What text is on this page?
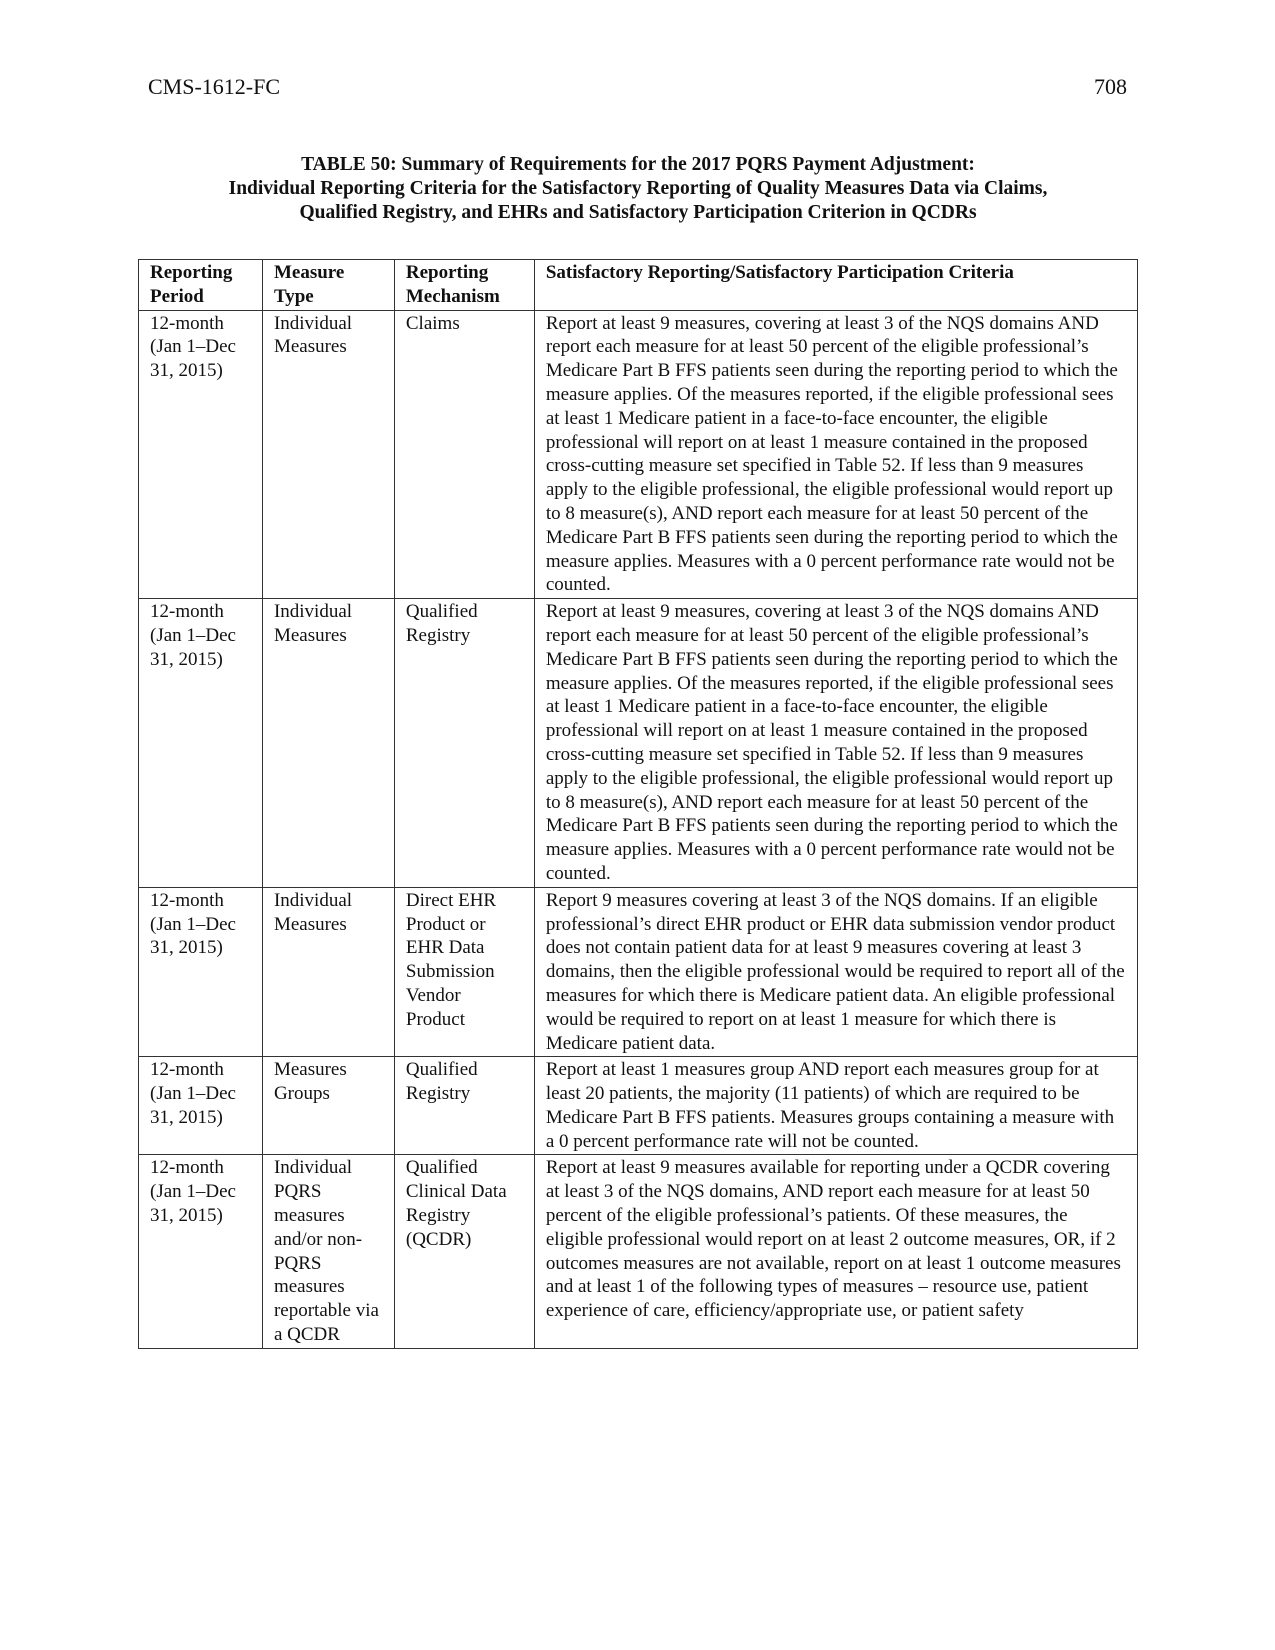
CMS-1612-FC	708
TABLE 50: Summary of Requirements for the 2017 PQRS Payment Adjustment:
Individual Reporting Criteria for the Satisfactory Reporting of Quality Measures Data via Claims,
Qualified Registry, and EHRs and Satisfactory Participation Criterion in QCDRs
Reporting Period	Measure Type	Reporting Mechanism	Satisfactory Reporting/Satisfactory Participation Criteria
12-month (Jan 1–Dec 31, 2015)	Individual Measures	Claims	Report at least 9 measures, covering at least 3 of the NQS domains AND report each measure for at least 50 percent of the eligible professional’s Medicare Part B FFS patients seen during the reporting period to which the measure applies. Of the measures reported, if the eligible professional sees at least 1 Medicare patient in a face-to-face encounter, the eligible professional will report on at least 1 measure contained in the proposed cross-cutting measure set specified in Table 52. If less than 9 measures apply to the eligible professional, the eligible professional would report up to 8 measure(s), AND report each measure for at least 50 percent of the Medicare Part B FFS patients seen during the reporting period to which the measure applies. Measures with a 0 percent performance rate would not be counted.
12-month (Jan 1–Dec 31, 2015)	Individual Measures	Qualified Registry	Report at least 9 measures, covering at least 3 of the NQS domains AND report each measure for at least 50 percent of the eligible professional’s Medicare Part B FFS patients seen during the reporting period to which the measure applies. Of the measures reported, if the eligible professional sees at least 1 Medicare patient in a face-to-face encounter, the eligible professional will report on at least 1 measure contained in the proposed cross-cutting measure set specified in Table 52. If less than 9 measures apply to the eligible professional, the eligible professional would report up to 8 measure(s), AND report each measure for at least 50 percent of the Medicare Part B FFS patients seen during the reporting period to which the measure applies. Measures with a 0 percent performance rate would not be counted.
12-month (Jan 1–Dec 31, 2015)	Individual Measures	Direct EHR Product or EHR Data Submission Vendor Product	Report 9 measures covering at least 3 of the NQS domains. If an eligible professional’s direct EHR product or EHR data submission vendor product does not contain patient data for at least 9 measures covering at least 3 domains, then the eligible professional would be required to report all of the measures for which there is Medicare patient data. An eligible professional would be required to report on at least 1 measure for which there is Medicare patient data.
12-month (Jan 1–Dec 31, 2015)	Measures Groups	Qualified Registry	Report at least 1 measures group AND report each measures group for at least 20 patients, the majority (11 patients) of which are required to be Medicare Part B FFS patients. Measures groups containing a measure with a 0 percent performance rate will not be counted.
12-month (Jan 1–Dec 31, 2015)	Individual PQRS measures and/or non-PQRS measures reportable via a QCDR	Qualified Clinical Data Registry (QCDR)	Report at least 9 measures available for reporting under a QCDR covering at least 3 of the NQS domains, AND report each measure for at least 50 percent of the eligible professional’s patients. Of these measures, the eligible professional would report on at least 2 outcome measures, OR, if 2 outcomes measures are not available, report on at least 1 outcome measures and at least 1 of the following types of measures – resource use, patient experience of care, efficiency/appropriate use, or patient safety
